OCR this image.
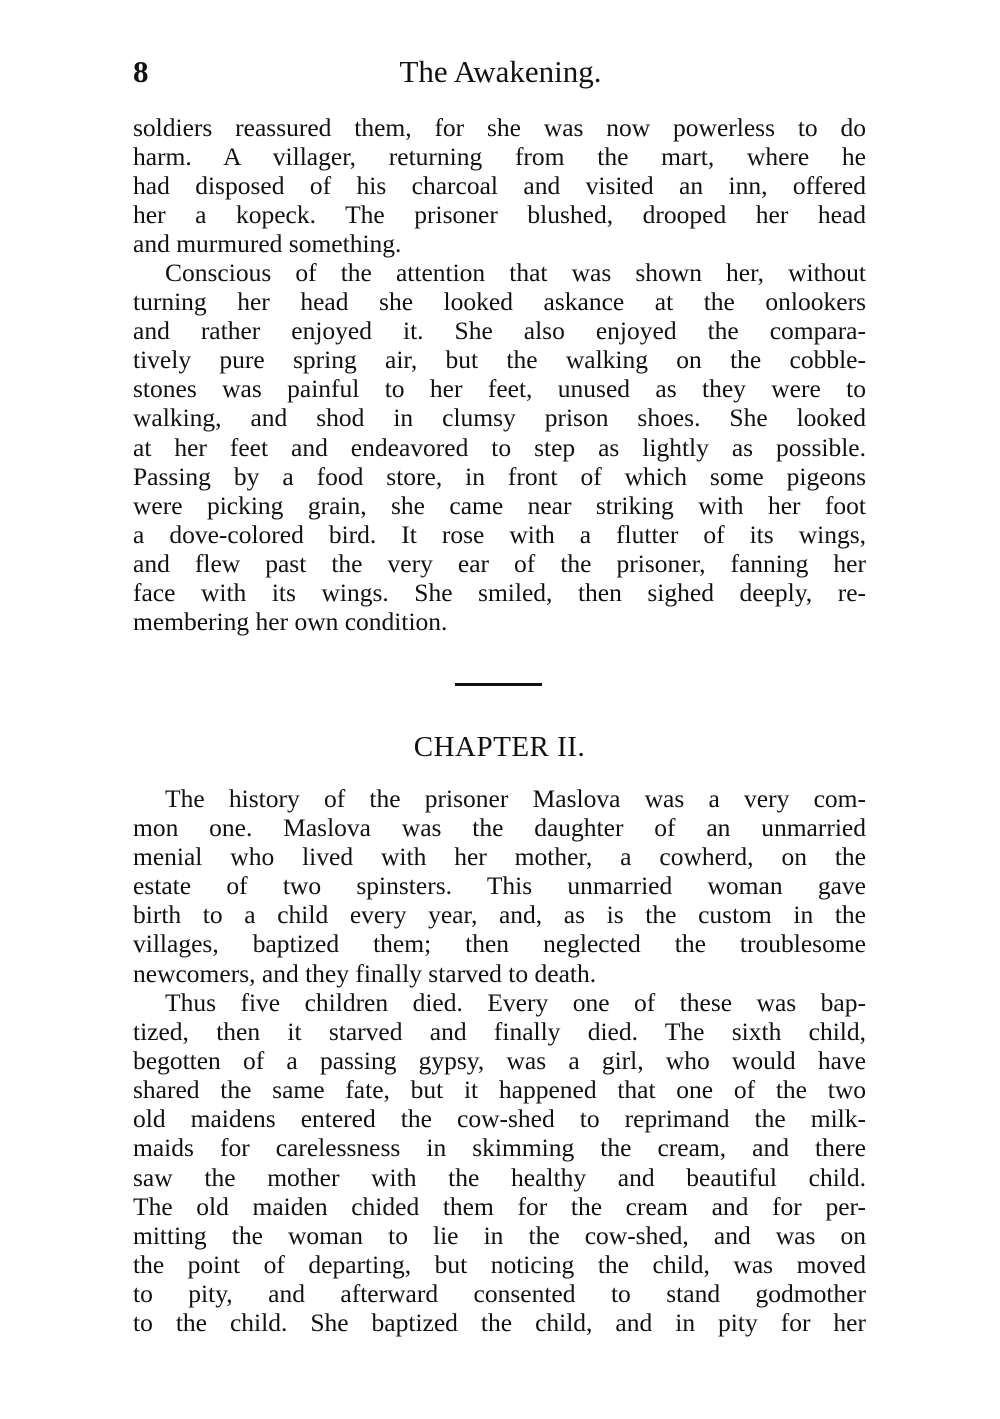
8	The Awakening.

soldiers reassured them, for she was now powerless to do
harm. A villager, returning from the mart, where he
had disposed of his charcoal and visited an inn, offered
her a kopeck. The prisoner blushed, drooped her head
and murmured something.

Conscious of the attention that was shown her, without
turning her head she looked askance at the onlookers
and rather enjoyed it. She also enjoyed the compara-
tively pure spring air, but the walking on the cobble-
stones was painful to her feet, unused as they were to
walking, and shod in clumsy prison shoes. She looked
at her feet and endeavored to step as lightly as possible.
Passing by a food store, in front of which some pigeons
were picking grain, she came near striking with her foot
a dove-colored bird. It rose with a flutter of its wings,
and flew past the very ear of the prisoner, fanning her
face with its wings. She smiled, then sighed deeply, re-
membering her own condition.

CHAPTER II.

The history of the prisoner Maslova was a very com-
mon one. Maslova was the daughter of an unmarried
menial who lived with her mother, a cowherd, on the
estate of two spinsters. This unmarried woman gave
birth to a child every year, and, as is the custom in the
villages, baptized them; then neglected the troublesome
newcomers, and they finally starved to death.

Thus five children died. Every one of these was bap-
tized, then it starved and finally died. The sixth child,
begotten of a passing gypsy, was a girl, who would have
shared the same fate, but it happened that one of the two
old maidens entered the cow-shed to reprimand the milk-
maids for carelessness in skimming the cream, and there
saw the mother with the healthy and beautiful child.
The old maiden chided them for the cream and for per-
mitting the woman to lie in the cow-shed, and was on
the point of departing, but noticing the child, was moved
to pity, and afterward consented to stand godmother
to the child. She baptized the child, and in pity for her
